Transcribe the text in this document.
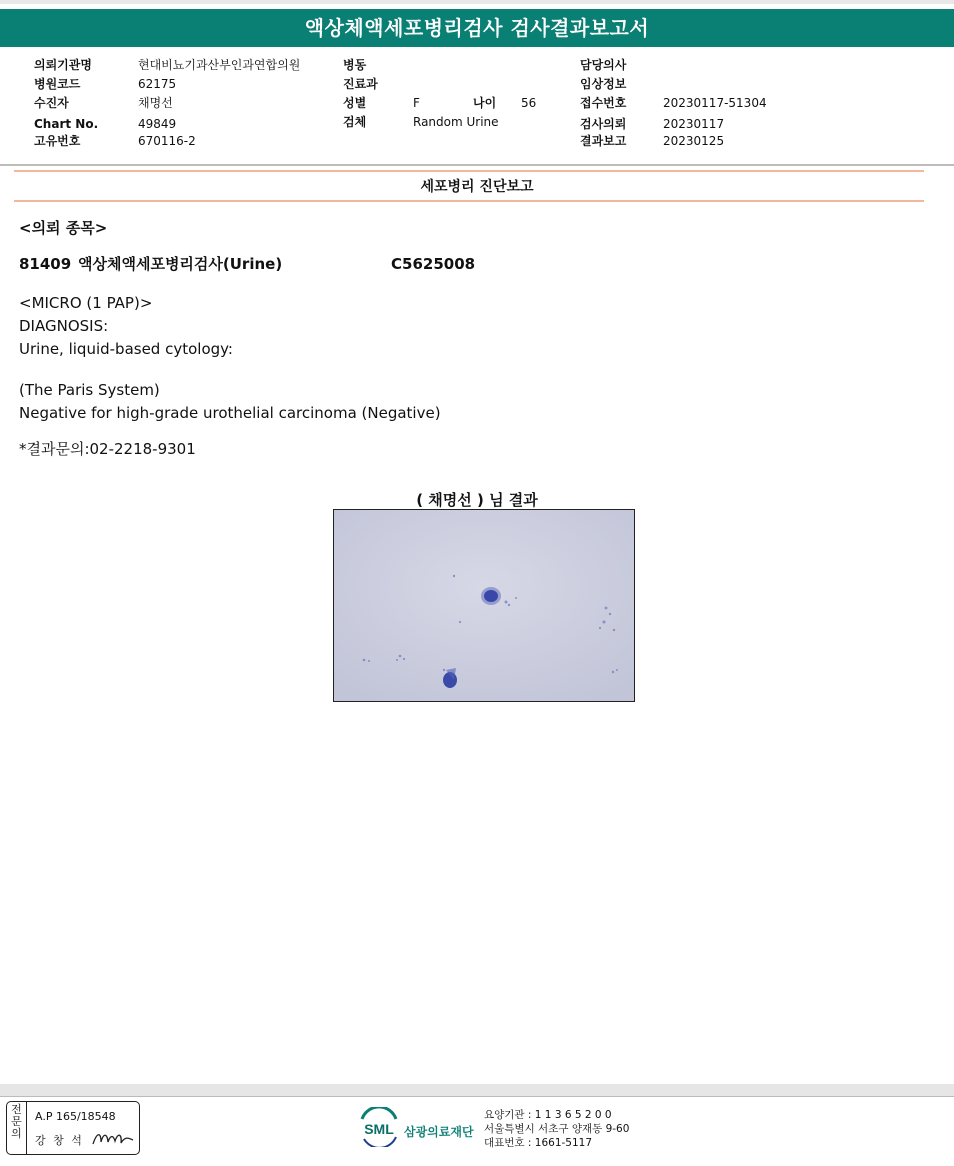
액상체액세포병리검사 검사결과보고서
의뢰기관명	현대비뇨기과산부인과연합의원
병원코드	62175
수진자	채명선
Chart No.	49849
고유번호	670116-2
병동
진료과
성별	F	나이 56
검체	Random Urine
담당의사
임상정보
접수번호	20230117-51304
검사의뢰	20230117
결과보고	20230125
세포병리 진단보고
<의뢰 종목>
81409 액상체액세포병리검사(Urine)	C5625008
<MICRO (1 PAP)>
DIAGNOSIS:
Urine, liquid-based cytology:
(The Paris System)
Negative for high-grade urothelial carcinoma (Negative)
*결과문의:02-2218-9301
( 채명선 ) 님 결과
전문의
A.P 165/18548
강 창 석
SML 삼광의료재단
요양기관 : 1 1 3 6 5 2 0 0
서울특별시 서초구 양재동 9-60
대표번호 : 1661-5117
